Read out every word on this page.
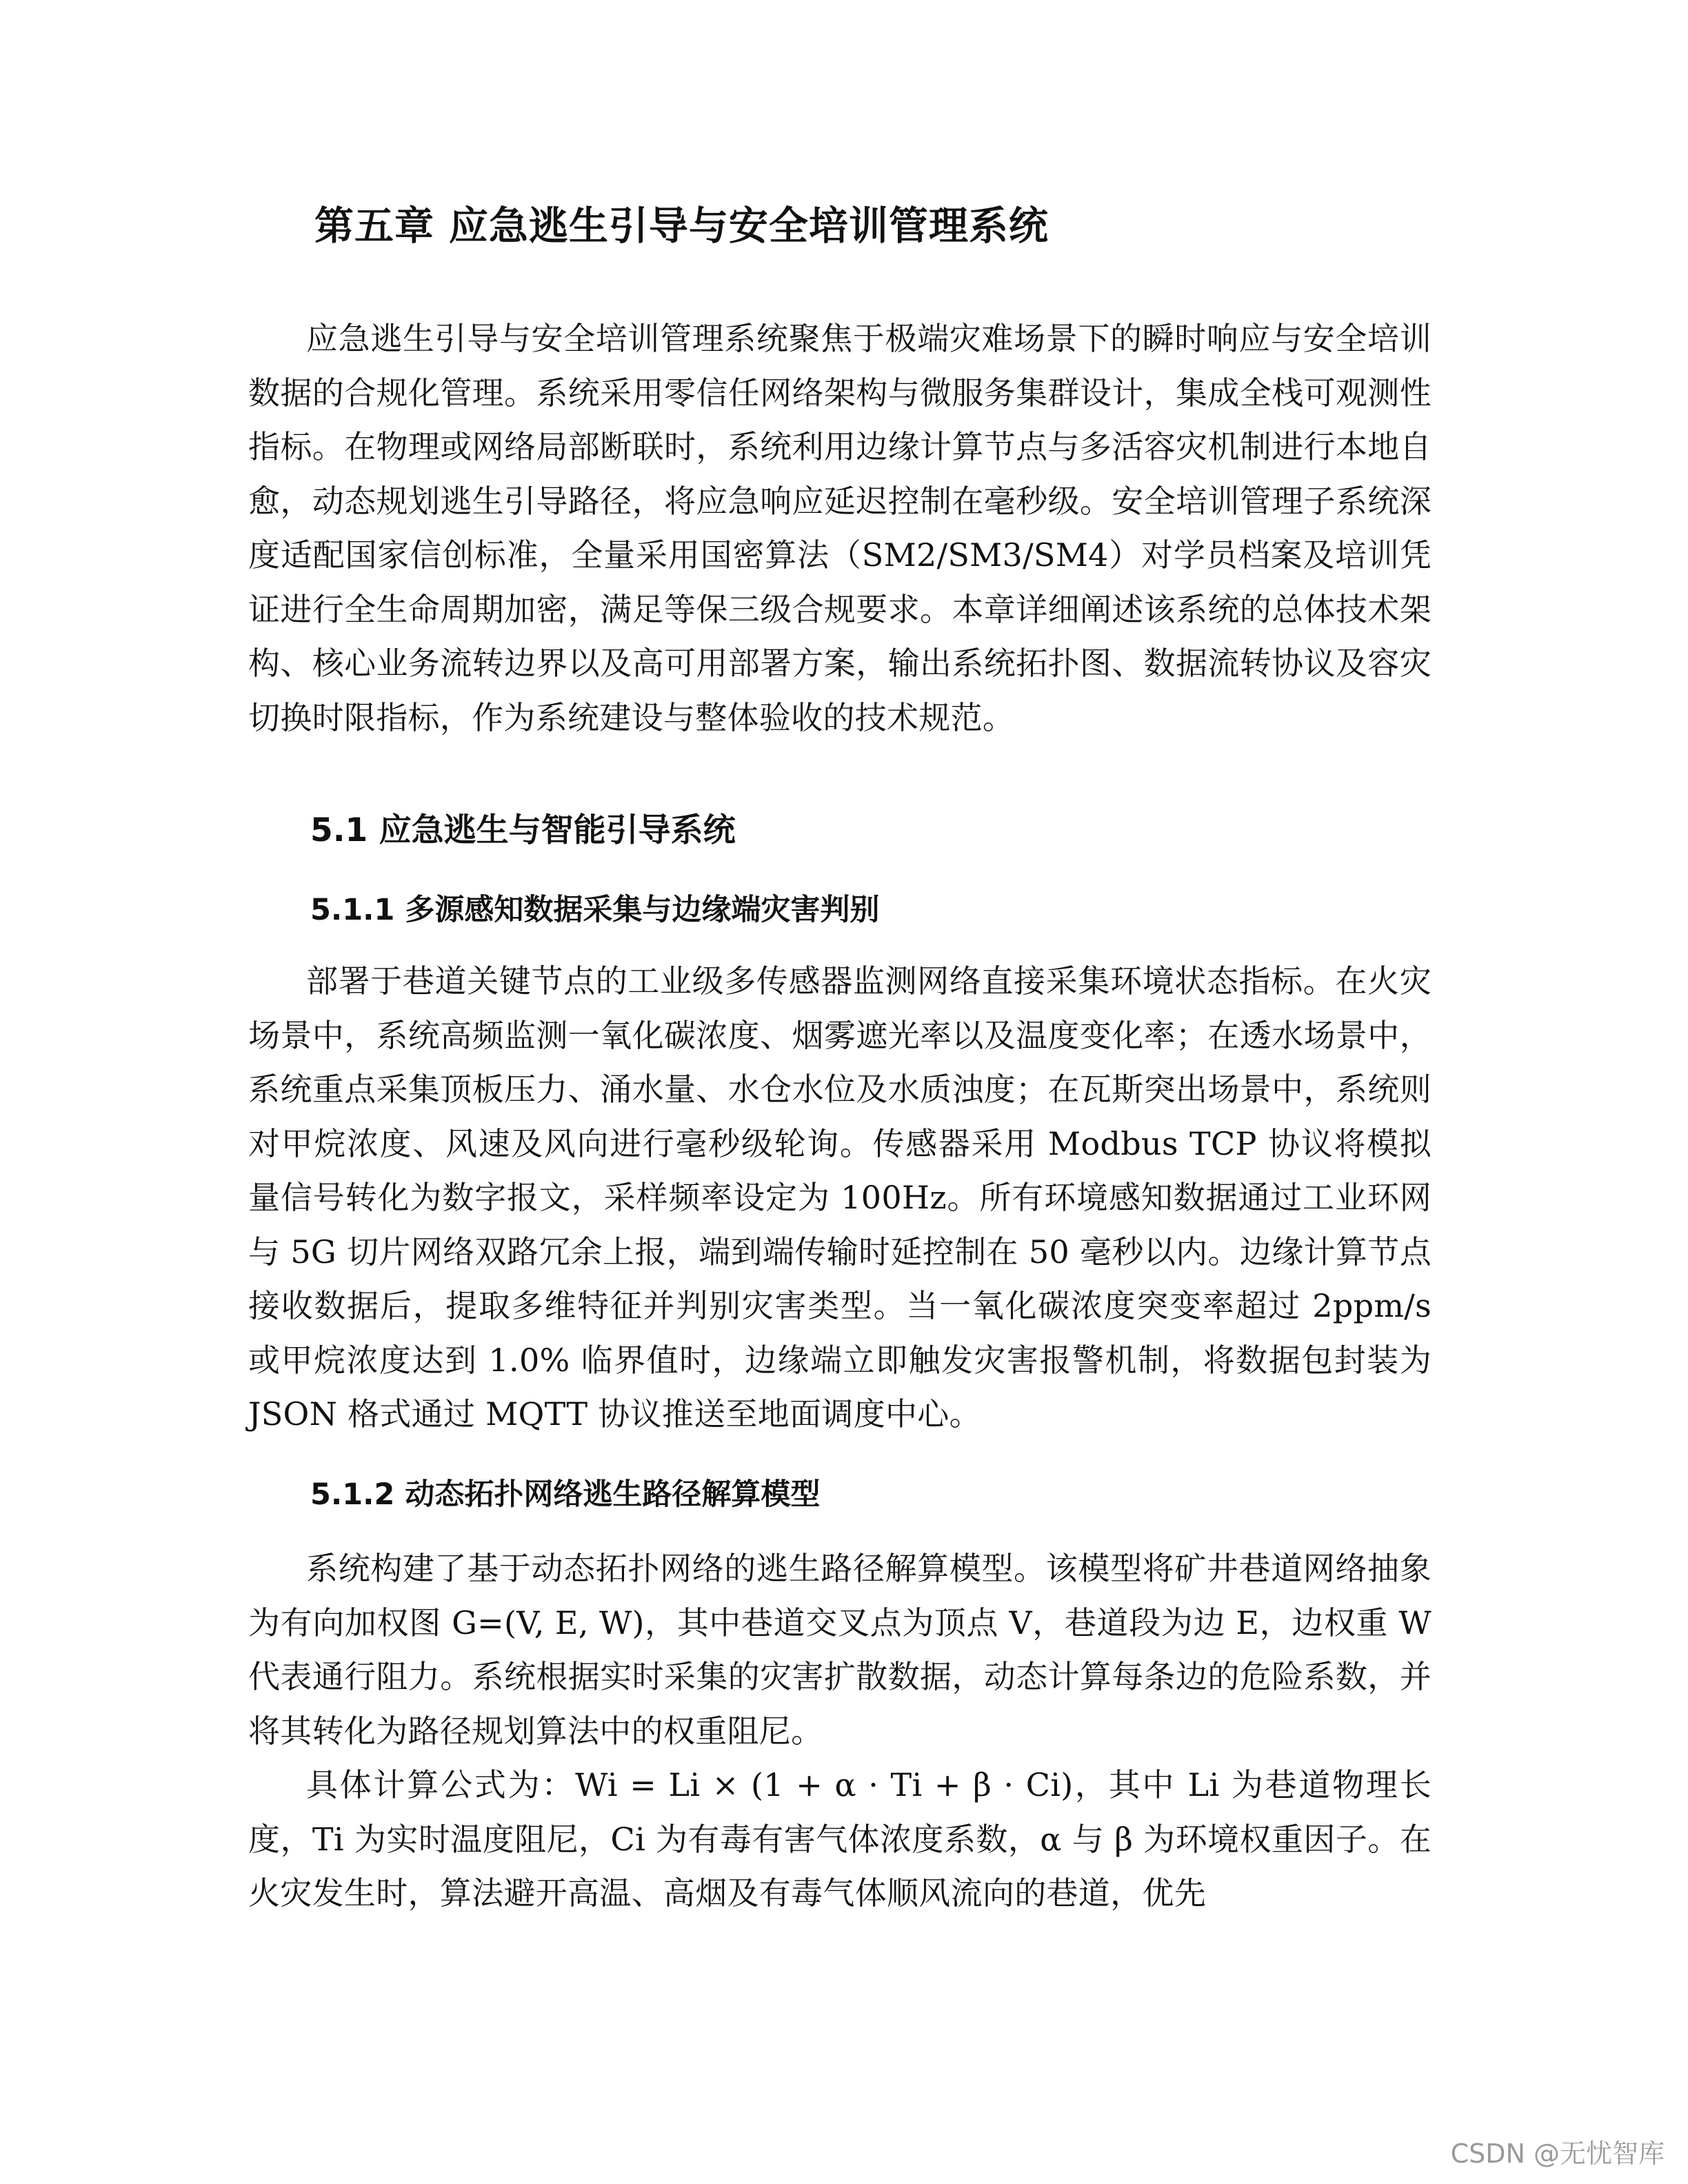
第五章 应急逃生引导与安全培训管理系统

应急逃生引导与安全培训管理系统聚焦于极端灾难场景下的瞬时响应与安全培训数据的合规化管理。系统采用零信任网络架构与微服务集群设计，集成全栈可观测性指标。在物理或网络局部断联时，系统利用边缘计算节点与多活容灾机制进行本地自愈，动态规划逃生引导路径，将应急响应延迟控制在毫秒级。安全培训管理子系统深度适配国家信创标准，全量采用国密算法（SM2/SM3/SM4）对学员档案及培训凭证进行全生命周期加密，满足等保三级合规要求。本章详细阐述该系统的总体技术架构、核心业务流转边界以及高可用部署方案，输出系统拓扑图、数据流转协议及容灾切换时限指标，作为系统建设与整体验收的技术规范。

5.1 应急逃生与智能引导系统
5.1.1 多源感知数据采集与边缘端灾害判别

部署于巷道关键节点的工业级多传感器监测网络直接采集环境状态指标。在火灾场景中，系统高频监测一氧化碳浓度、烟雾遮光率以及温度变化率；在透水场景中，系统重点采集顶板压力、涌水量、水仓水位及水质浊度；在瓦斯突出场景中，系统则对甲烷浓度、风速及风向进行毫秒级轮询。传感器采用 Modbus TCP 协议将模拟量信号转化为数字报文，采样频率设定为 100Hz。所有环境感知数据通过工业环网与 5G 切片网络双路冗余上报，端到端传输时延控制在 50 毫秒以内。边缘计算节点接收数据后，提取多维特征并判别灾害类型。当一氧化碳浓度突变率超过 2ppm/s 或甲烷浓度达到 1.0% 临界值时，边缘端立即触发灾害报警机制，将数据包封装为 JSON 格式通过 MQTT 协议推送至地面调度中心。

5.1.2 动态拓扑网络逃生路径解算模型

系统构建了基于动态拓扑网络的逃生路径解算模型。该模型将矿井巷道网络抽象为有向加权图 G=(V, E, W)，其中巷道交叉点为顶点 V，巷道段为边 E，边权重 W 代表通行阻力。系统根据实时采集的灾害扩散数据，动态计算每条边的危险系数，并将其转化为路径规划算法中的权重阻尼。

具体计算公式为：Wi = Li × (1 + α · Ti + β · Ci)，其中 Li 为巷道物理长度，Ti 为实时温度阻尼，Ci 为有毒有害气体浓度系数，α 与 β 为环境权重因子。在火灾发生时，算法避开高温、高烟及有毒气体顺风流向的巷道，优先

CSDN @无忧智库
